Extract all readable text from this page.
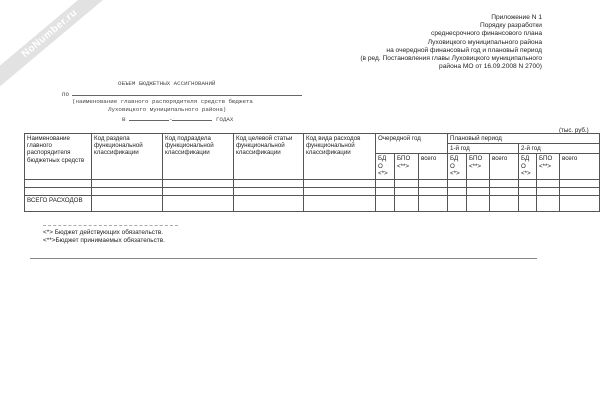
NoNumber.ru	Приложение N 1
Порядку разработки
среднесрочного финансового плана
Луховицкого муниципального района
на очередной финансовый год и плановый период
(в ред. Постановления главы Луховицкого муниципального
района МО от 16.09.2008 N 2700)
ОБЪЕМ БЮДЖЕТНЫХ АССИГНОВАНИЙ
ПО
(наименование главного распорядителя средств бюджета
Луховицкого муниципального района)
В	-	ГОДАХ
(тыс. руб.)
Наименование главного распорядителя бюджетных средств	Код раздела функциональной классификации	Код подраздела функциональной классификации	Код целевой статьи функциональной классификации	Код вида расходов функциональной классификации	Очередной год			Плановый период					
								1-й год			2-й год		
					БД О <*>	БПО <**>	всего	БД О <*>	БПО <**>	всего	БД О <*>	БПО <**>	всего

ВСЕГО РАСХОДОВ													
<*> Бюджет действующих обязательств.
<**>Бюджет принимаемых обязательств.
